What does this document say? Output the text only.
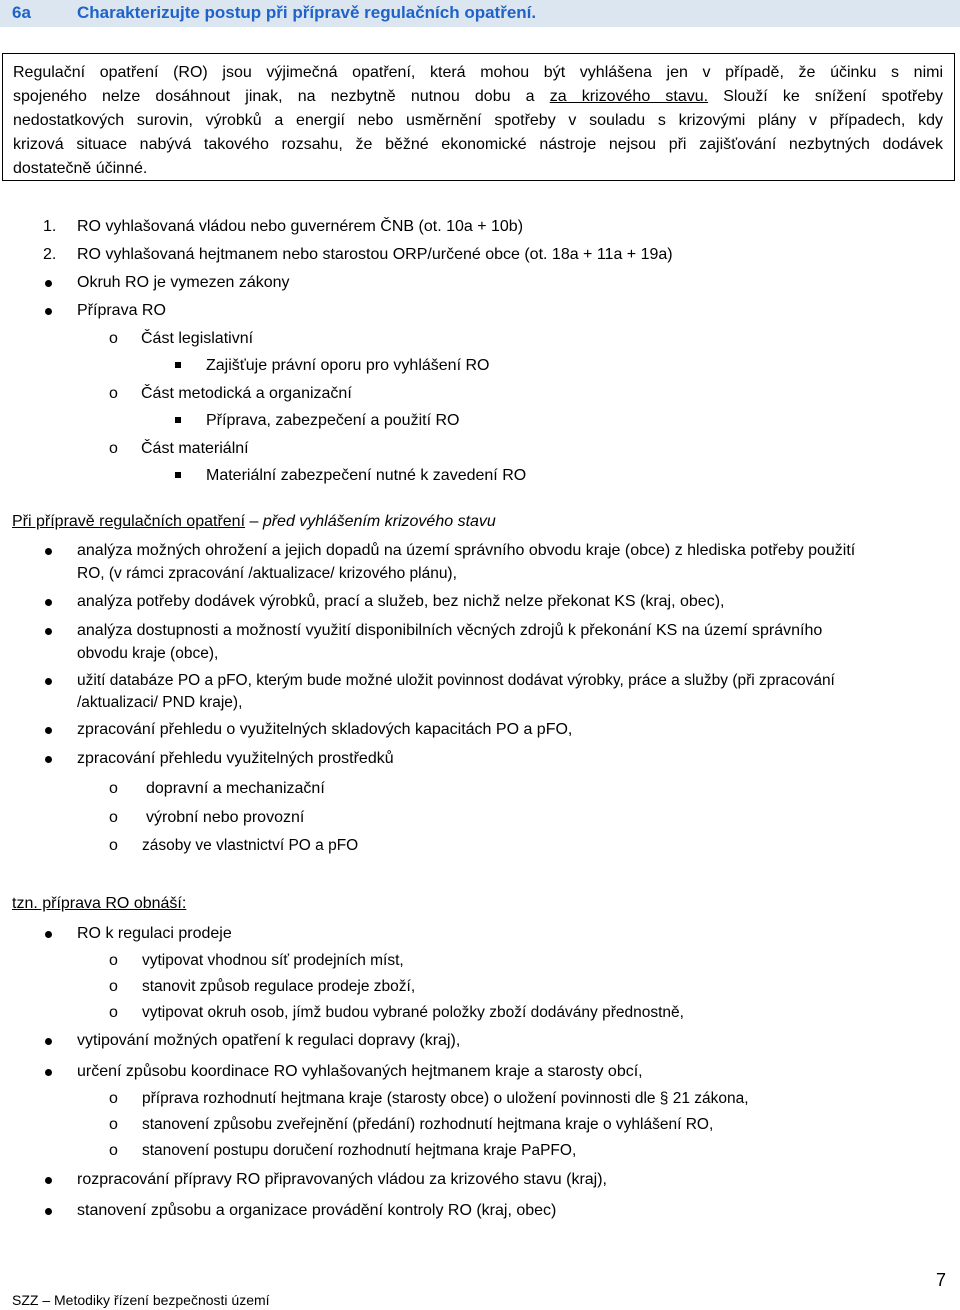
6a	Charakterizujte postup při přípravě regulačních opatření.
Regulační opatření (RO) jsou výjimečná opatření, která mohou být vyhlášena jen v případě, že účinku s nimi
spojeného nelze dosáhnout jinak, na nezbytně nutnou dobu a za krizového stavu. Slouží ke snížení spotřeby
nedostatkových surovin, výrobků a energií nebo usměrnění spotřeby v souladu s krizovými plány v případech, kdy
krizová situace nabývá takového rozsahu, že běžné ekonomické nástroje nejsou při zajišťování nezbytných dodávek
dostatečně účinné.
1. RO vyhlašovaná vládou nebo guvernérem ČNB (ot. 10a + 10b)
2. RO vyhlašovaná hejtmanem nebo starostou ORP/určené obce (ot. 18a + 11a + 19a)
Okruh RO je vymezen zákony
Příprava RO
o Část legislativní
Zajišťuje právní oporu pro vyhlášení RO
o Část metodická a organizační
Příprava, zabezpečení a použití RO
o Část materiální
Materiální zabezpečení nutné k zavedení RO
Při přípravě regulačních opatření – před vyhlášením krizového stavu
analýza možných ohrožení a jejich dopadů na území správního obvodu kraje (obce) z hlediska potřeby použití
RO, (v rámci zpracování /aktualizace/ krizového plánu),
analýza potřeby dodávek výrobků, prací a služeb, bez nichž nelze překonat KS (kraj, obec),
analýza dostupnosti a možností využití disponibilních věcných zdrojů k překonání KS na území správního
obvodu kraje (obce),
užití databáze PO a pFO, kterým bude možné uložit povinnost dodávat výrobky, práce a služby (při zpracování
/aktualizaci/ PND kraje),
zpracování přehledu o využitelných skladových kapacitách PO a pFO,
zpracování přehledu využitelných prostředků
o dopravní a mechanizační
o výrobní nebo provozní
o zásoby ve vlastnictví PO a pFO
tzn. příprava RO obnáší:
RO k regulaci prodeje
o vytipovat vhodnou síť prodejních míst,
o stanovit způsob regulace prodeje zboží,
o vytipovat okruh osob, jímž budou vybrané položky zboží dodávány přednostně,
vytipování možných opatření k regulaci dopravy (kraj),
určení způsobu koordinace RO vyhlašovaných hejtmanem kraje a starosty obcí,
o příprava rozhodnutí hejtmana kraje (starosty obce) o uložení povinnosti dle § 21 zákona,
o stanovení způsobu zveřejnění (předání) rozhodnutí hejtmana kraje o vyhlášení RO,
o stanovení postupu doručení rozhodnutí hejtmana kraje PaPFO,
rozpracování přípravy RO připravovaných vládou za krizového stavu (kraj),
stanovení způsobu a organizace provádění kontroly RO (kraj, obec)
7
SZZ – Metodiky řízení bezpečnosti území
